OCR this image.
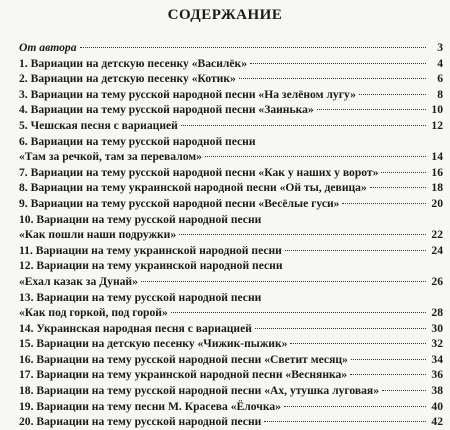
СОДЕРЖАНИЕ
От автора	3
1. Вариации на детскую песенку «Василёк»	4
2. Вариации на детскую песенку «Котик»	6
3. Вариации на тему русской народной песни «На зелёном лугу»	8
4. Вариации на тему русской народной песни «Заинька»	10
5. Чешская песня с вариацией	12
6. Вариации на тему русской народной песни
«Там за речкой, там за перевалом»	14
7. Вариации на тему русской народной песни «Как у наших у ворот»	16
8. Вариации на тему украинской народной песни «Ой ты, девица»	18
9. Вариации на тему русской народной песни «Весёлые гуси»	20
10. Вариации на тему русской народной песни
«Как пошли наши подружки»	22
11. Вариации на тему украинской народной песни	24
12. Вариации на тему украинской народной песни
«Ехал казак за Дунай»	26
13. Вариации на тему русской народной песни
«Как под горкой, под горой»	28
14. Украинская народная песня с вариацией	30
15. Вариации на детскую песенку «Чижик-пыжик»	32
16. Вариации на тему русской народной песни «Светит месяц»	34
17. Вариации на тему украинской народной песни «Веснянка»	36
18. Вариации на тему русской народной песни «Ах, утушка луговая»	38
19. Вариации на тему песни М. Красева «Ёлочка»	40
20. Вариации на тему русской народной песни	42
